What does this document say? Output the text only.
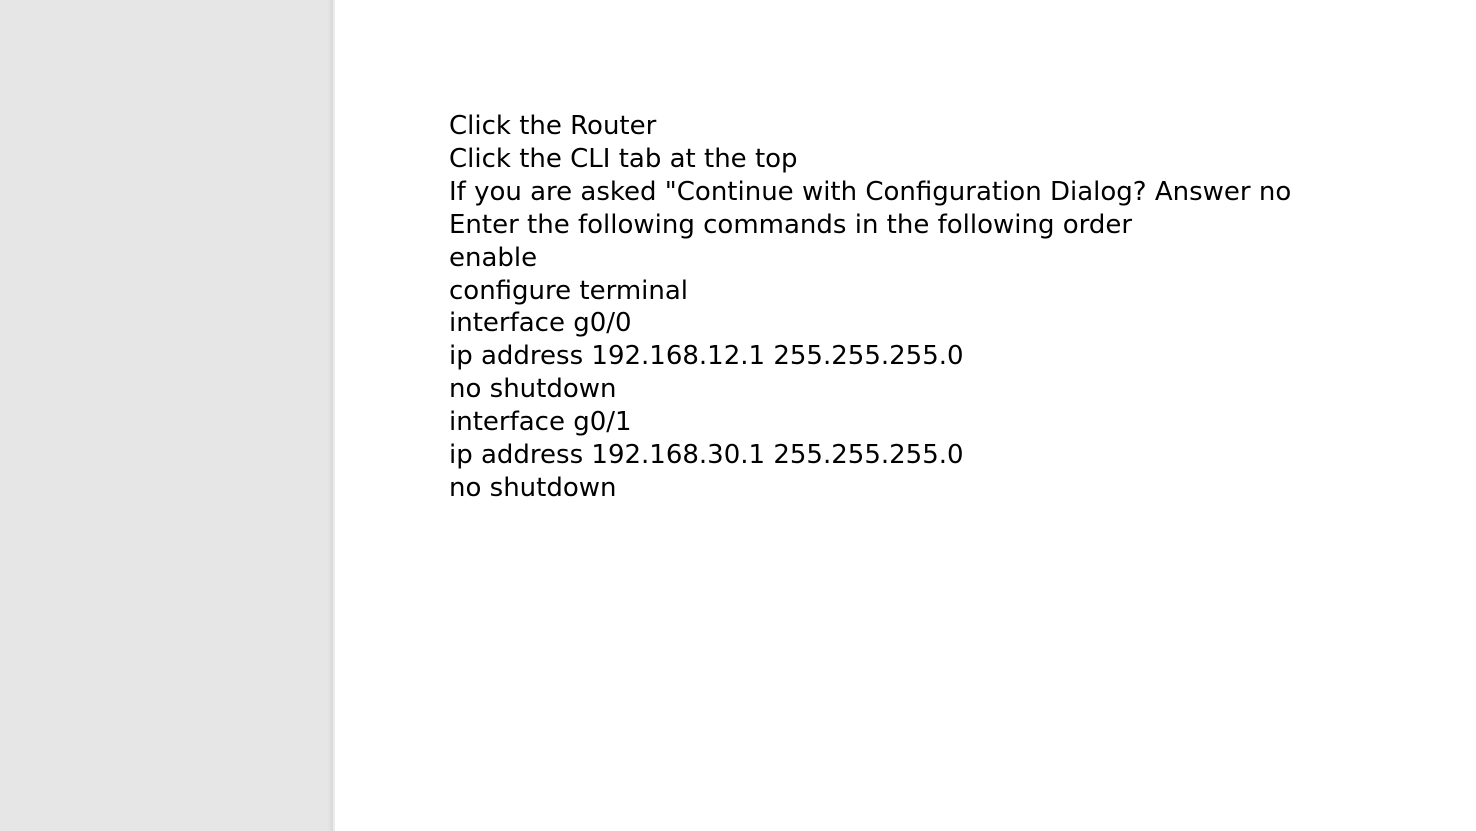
Click the Router
Click the CLI tab at the top
If you are asked "Continue with Configuration Dialog? Answer no
Enter the following commands in the following order
enable
configure terminal
interface g0/0
ip address 192.168.12.1 255.255.255.0
no shutdown
interface g0/1
ip address 192.168.30.1 255.255.255.0
no shutdown
